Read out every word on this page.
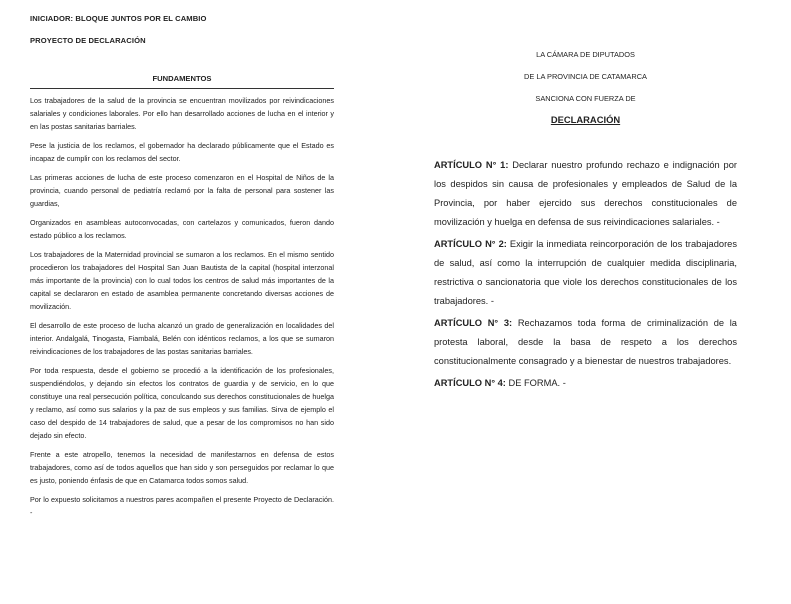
INICIADOR: BLOQUE JUNTOS POR EL CAMBIO
PROYECTO DE DECLARACIÓN
FUNDAMENTOS

Los trabajadores de la salud de la provincia se encuentran movilizados por reivindicaciones salariales y condiciones laborales. Por ello han desarrollado acciones de lucha en el interior y en las postas sanitarias barriales.

Pese la justicia de los reclamos, el gobernador ha declarado públicamente que el Estado es incapaz de cumplir con los reclamos del sector.

Las primeras acciones de lucha de este proceso comenzaron en el Hospital de Niños de la provincia, cuando personal de pediatría reclamó por la falta de personal para sostener las guardias,

Organizados en asambleas autoconvocadas, con cartelazos y comunicados, fueron dando estado público a los reclamos.

Los trabajadores de la Maternidad provincial se sumaron a los reclamos. En el mismo sentido procedieron los trabajadores del Hospital San Juan Bautista de la capital (hospital interzonal más importante de la provincia) con lo cual todos los centros de salud más importantes de la capital se declararon en estado de asamblea permanente concretando diversas acciones de movilización.

El desarrollo de este proceso de lucha alcanzó un grado de generalización en localidades del interior. Andalgalá, Tinogasta, Fiambalá, Belén con idénticos reclamos, a los que se sumaron reivindicaciones de los trabajadores de las postas sanitarias barriales.

Por toda respuesta, desde el gobierno se procedió a la identificación de los profesionales, suspendiéndolos, y dejando sin efectos los contratos de guardia y de servicio, en lo que constituye una real persecución política, conculcando sus derechos constitucionales de huelga y reclamo, así como sus salarios y la paz de sus empleos y sus familias. Sirva de ejemplo el caso del despido de 14 trabajadores de salud, que a pesar de los compromisos no han sido dejado sin efecto.

Frente a este atropello, tenemos la necesidad de manifestarnos en defensa de estos trabajadores, como así de todos aquellos que han sido y son perseguidos por reclamar lo que es justo, poniendo énfasis de que en Catamarca todos somos salud.

Por lo expuesto solicitamos a nuestros pares acompañen el presente Proyecto de Declaración. -

LA CÁMARA DE DIPUTADOS
DE LA PROVINCIA DE CATAMARCA
SANCIONA CON FUERZA DE
DECLARACIÓN

ARTÍCULO N° 1: Declarar nuestro profundo rechazo e indignación por los despidos sin causa de profesionales y empleados de Salud de la Provincia, por haber ejercido sus derechos constitucionales de movilización y huelga en defensa de sus reivindicaciones salariales. -

ARTÍCULO N° 2: Exigir la inmediata reincorporación de los trabajadores de salud, así como la interrupción de cualquier medida disciplinaria, restrictiva o sancionatoria que viole los derechos constitucionales de los trabajadores. -

ARTÍCULO N° 3: Rechazamos toda forma de criminalización de la protesta laboral, desde la basa de respeto a los derechos constitucionalmente consagrado y a bienestar de nuestros trabajadores.

ARTÍCULO N° 4: DE FORMA. -
